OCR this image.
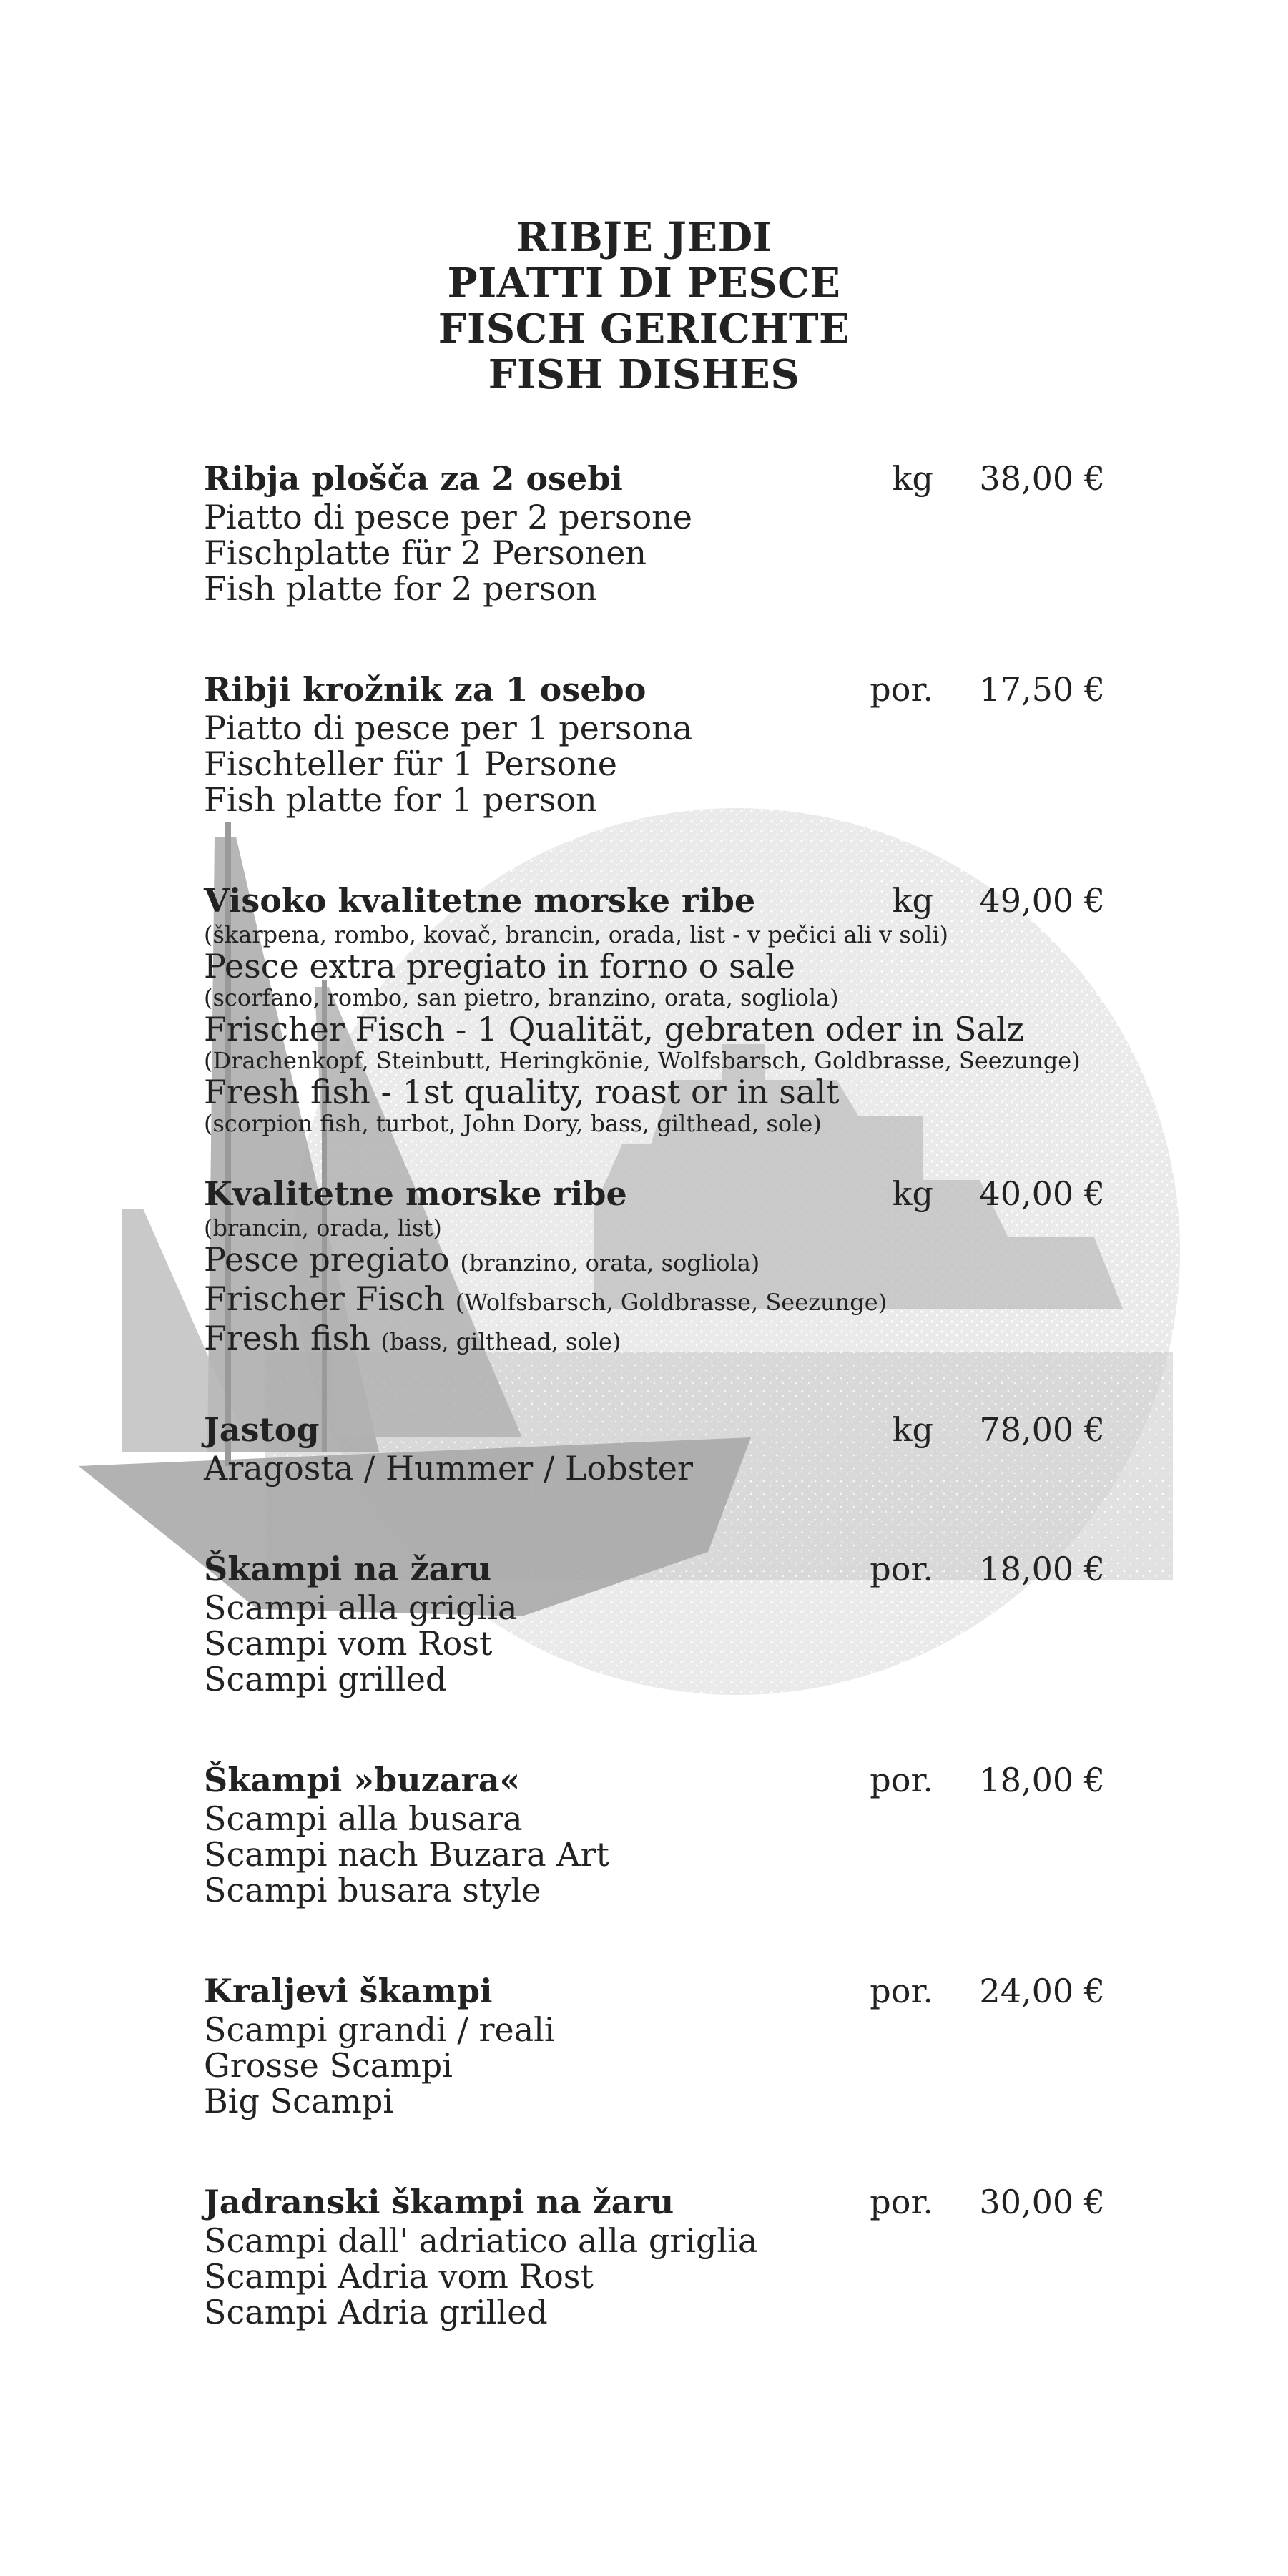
RIBJE JEDI
PIATTI DI PESCE
FISCH GERICHTE
FISH DISHES
Ribja plošča za 2 osebi	kg 38,00 €
Piatto di pesce per 2 persone
Fischplatte für 2 Personen
Fish platte for 2 person
Ribji krožnik za 1 osebo	por. 17,50 €
Piatto di pesce per 1 persona
Fischteller für 1 Persone
Fish platte for 1 person
Visoko kvalitetne morske ribe	kg 49,00 €
(škarpena, rombo, kovač, brancin, orada, list - v pečici ali v soli)
Pesce extra pregiato in forno o sale
(scorfano, rombo, san pietro, branzino, orata, sogliola)
Frischer Fisch - 1 Qualität, gebraten oder in Salz
(Drachenkopf, Steinbutt, Heringkönie, Wolfsbarsch, Goldbrasse, Seezunge)
Fresh fish - 1st quality, roast or in salt
(scorpion fish, turbot, John Dory, bass, gilthead, sole)
Kvalitetne morske ribe	kg 40,00 €
(brancin, orada, list)
Pesce pregiato (branzino, orata, sogliola)
Frischer Fisch (Wolfsbarsch, Goldbrasse, Seezunge)
Fresh fish (bass, gilthead, sole)
Jastog	kg 78,00 €
Aragosta / Hummer / Lobster
Škampi na žaru	por. 18,00 €
Scampi alla griglia
Scampi vom Rost
Scampi grilled
Škampi »buzara«	por. 18,00 €
Scampi alla busara
Scampi nach Buzara Art
Scampi busara style
Kraljevi škampi	por. 24,00 €
Scampi grandi / reali
Grosse Scampi
Big Scampi
Jadranski škampi na žaru	por. 30,00 €
Scampi dall' adriatico alla griglia
Scampi Adria vom Rost
Scampi Adria grilled
